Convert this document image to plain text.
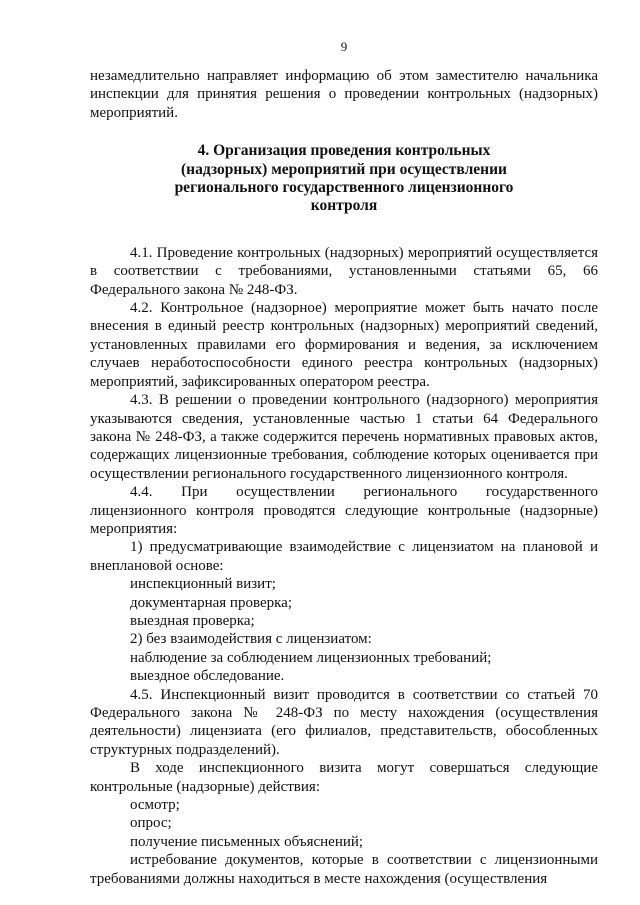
9

незамедлительно направляет информацию об этом заместителю начальника инспекции для принятия решения о проведении контрольных (надзорных) мероприятий.

4. Организация проведения контрольных
(надзорных) мероприятий при осуществлении
регионального государственного лицензионного
контроля

4.1. Проведение контрольных (надзорных) мероприятий осуществляется в соответствии с требованиями, установленными статьями 65, 66 Федерального закона № 248-ФЗ.

4.2. Контрольное (надзорное) мероприятие может быть начато после внесения в единый реестр контрольных (надзорных) мероприятий сведений, установленных правилами его формирования и ведения, за исключением случаев неработоспособности единого реестра контрольных (надзорных) мероприятий, зафиксированных оператором реестра.

4.3. В решении о проведении контрольного (надзорного) мероприятия указываются сведения, установленные частью 1 статьи 64 Федерального закона № 248-ФЗ, а также содержится перечень нормативных правовых актов, содержащих лицензионные требования, соблюдение которых оценивается при осуществлении регионального государственного лицензионного контроля.

4.4. При осуществлении регионального государственного лицензионного контроля проводятся следующие контрольные (надзорные) мероприятия:

1) предусматривающие взаимодействие с лицензиатом на плановой и внеплановой основе:

инспекционный визит;

документарная проверка;

выездная проверка;

2) без взаимодействия с лицензиатом:

наблюдение за соблюдением лицензионных требований;

выездное обследование.

4.5. Инспекционный визит проводится в соответствии со статьей 70 Федерального закона № 248-ФЗ по месту нахождения (осуществления деятельности) лицензиата (его филиалов, представительств, обособленных структурных подразделений).

В ходе инспекционного визита могут совершаться следующие контрольные (надзорные) действия:

осмотр;

опрос;

получение письменных объяснений;

истребование документов, которые в соответствии с лицензионными требованиями должны находиться в месте нахождения (осуществления
